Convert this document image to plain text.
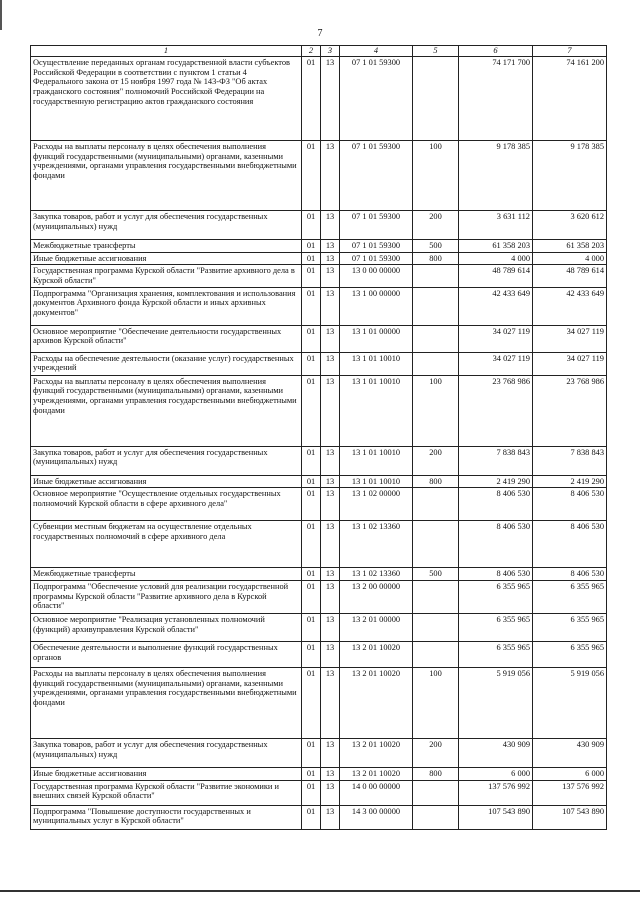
7
1	2	3	4	5	6	7
Осуществление переданных органам государственной власти субъектов Российской Федерации в соответствии с пунктом 1 статьи 4 Федерального закона от 15 ноября 1997 года № 143-ФЗ "Об актах гражданского состояния" полномочий Российской Федерации на государственную регистрацию актов гражданского состояния	01	13	07 1 01 59300		74 171 700	74 161 200
Расходы на выплаты персоналу в целях обеспечения выполнения функций государственными (муниципальными) органами, казенными учреждениями, органами управления государственными внебюджетными фондами	01	13	07 1 01 59300	100	9 178 385	9 178 385
Закупка товаров, работ и услуг для обеспечения государственных (муниципальных) нужд	01	13	07 1 01 59300	200	3 631 112	3 620 612
Межбюджетные трансферты	01	13	07 1 01 59300	500	61 358 203	61 358 203
Иные бюджетные ассигнования	01	13	07 1 01 59300	800	4 000	4 000
Государственная программа Курской области "Развитие архивного дела в Курской области"	01	13	13 0 00 00000		48 789 614	48 789 614
Подпрограмма "Организация хранения, комплектования и использования документов Архивного фонда Курской области и иных архивных документов"	01	13	13 1 00 00000		42 433 649	42 433 649
Основное мероприятие "Обеспечение деятельности государственных архивов Курской области"	01	13	13 1 01 00000		34 027 119	34 027 119
Расходы на обеспечение деятельности (оказание услуг) государственных учреждений	01	13	13 1 01 10010		34 027 119	34 027 119
Расходы на выплаты персоналу в целях обеспечения выполнения функций государственными (муниципальными) органами, казенными учреждениями, органами управления государственными внебюджетными фондами	01	13	13 1 01 10010	100	23 768 986	23 768 986
Закупка товаров, работ и услуг для обеспечения государственных (муниципальных) нужд	01	13	13 1 01 10010	200	7 838 843	7 838 843
Иные бюджетные ассигнования	01	13	13 1 01 10010	800	2 419 290	2 419 290
Основное мероприятие "Осуществление отдельных государственных полномочий Курской области в сфере архивного дела"	01	13	13 1 02 00000		8 406 530	8 406 530
Субвенции местным бюджетам на осуществление отдельных государственных полномочий в сфере архивного дела	01	13	13 1 02 13360		8 406 530	8 406 530
Межбюджетные трансферты	01	13	13 1 02 13360	500	8 406 530	8 406 530
Подпрограмма "Обеспечение условий для реализации государственной программы Курской области "Развитие архивного дела в Курской области"	01	13	13 2 00 00000		6 355 965	6 355 965
Основное мероприятие "Реализация установленных полномочий (функций) архивуправления Курской области"	01	13	13 2 01 00000		6 355 965	6 355 965
Обеспечение деятельности и выполнение функций государственных органов	01	13	13 2 01 10020		6 355 965	6 355 965
Расходы на выплаты персоналу в целях обеспечения выполнения функций государственными (муниципальными) органами, казенными учреждениями, органами управления государственными внебюджетными фондами	01	13	13 2 01 10020	100	5 919 056	5 919 056
Закупка товаров, работ и услуг для обеспечения государственных (муниципальных) нужд	01	13	13 2 01 10020	200	430 909	430 909
Иные бюджетные ассигнования	01	13	13 2 01 10020	800	6 000	6 000
Государственная программа Курской области "Развитие экономики и внешних связей Курской области"	01	13	14 0 00 00000		137 576 992	137 576 992
Подпрограмма "Повышение доступности государственных и муниципальных услуг в Курской области"	01	13	14 3 00 00000		107 543 890	107 543 890
